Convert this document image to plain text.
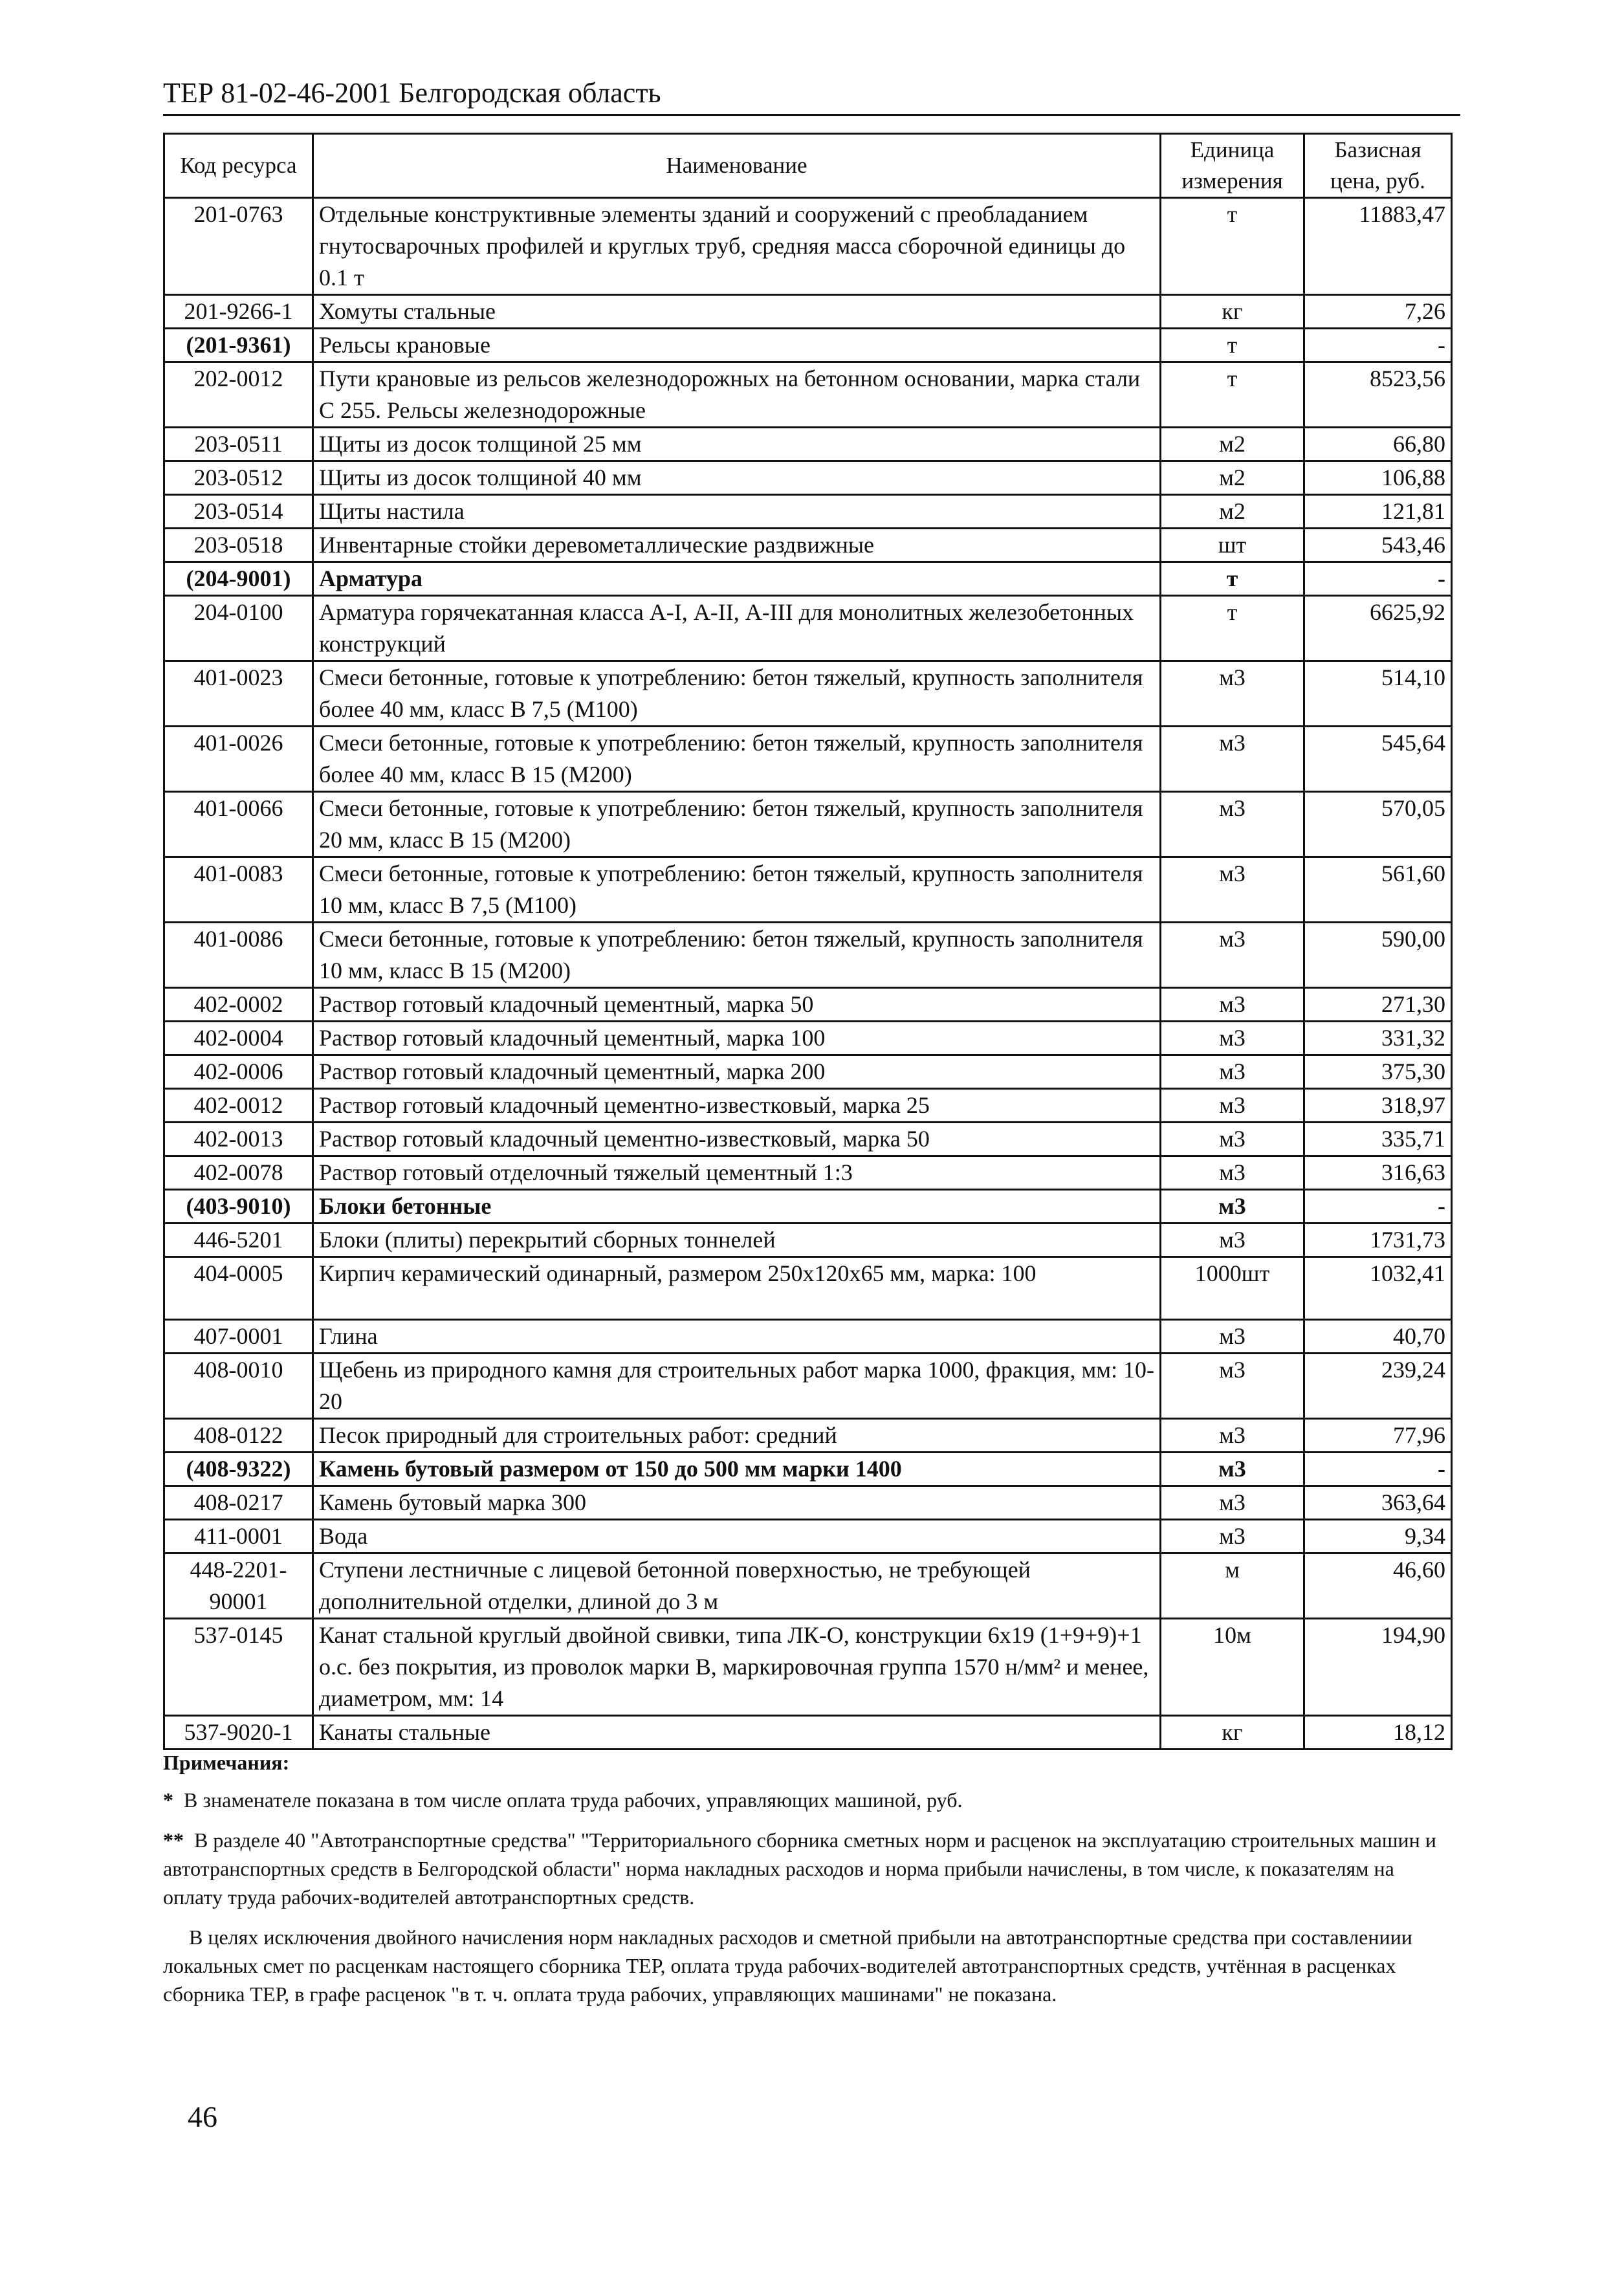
ТЕР 81-02-46-2001 Белгородская область
Код ресурса	Наименование	Единица измерения	Базисная цена, руб.
201-0763	Отдельные конструктивные элементы зданий и сооружений с преобладанием гнутосварочных профилей и круглых труб, средняя масса сборочной единицы до 0.1 т	т	11883,47
201-9266-1	Хомуты стальные	кг	7,26
(201-9361)	Рельсы крановые	т	-
202-0012	Пути крановые из рельсов железнодорожных на бетонном основании, марка стали С 255. Рельсы железнодорожные	т	8523,56
203-0511	Щиты из досок толщиной 25 мм	м2	66,80
203-0512	Щиты из досок толщиной 40 мм	м2	106,88
203-0514	Щиты настила	м2	121,81
203-0518	Инвентарные стойки деревометаллические раздвижные	шт	543,46
(204-9001)	Арматура	т	-
204-0100	Арматура горячекатанная класса А-I, А-II, А-III для монолитных железобетонных конструкций	т	6625,92
401-0023	Смеси бетонные, готовые к употреблению: бетон тяжелый, крупность заполнителя более 40 мм, класс В 7,5 (М100)	м3	514,10
401-0026	Смеси бетонные, готовые к употреблению: бетон тяжелый, крупность заполнителя более 40 мм, класс В 15 (М200)	м3	545,64
401-0066	Смеси бетонные, готовые к употреблению: бетон тяжелый, крупность заполнителя 20 мм, класс В 15 (М200)	м3	570,05
401-0083	Смеси бетонные, готовые к употреблению: бетон тяжелый, крупность заполнителя 10 мм, класс В 7,5 (М100)	м3	561,60
401-0086	Смеси бетонные, готовые к употреблению: бетон тяжелый, крупность заполнителя 10 мм, класс В 15 (М200)	м3	590,00
402-0002	Раствор готовый кладочный цементный, марка 50	м3	271,30
402-0004	Раствор готовый кладочный цементный, марка 100	м3	331,32
402-0006	Раствор готовый кладочный цементный, марка 200	м3	375,30
402-0012	Раствор готовый кладочный цементно-известковый, марка 25	м3	318,97
402-0013	Раствор готовый кладочный цементно-известковый, марка 50	м3	335,71
402-0078	Раствор готовый отделочный тяжелый цементный 1:3	м3	316,63
(403-9010)	Блоки бетонные	м3	-
446-5201	Блоки (плиты) перекрытий сборных тоннелей	м3	1731,73
404-0005	Кирпич керамический одинарный, размером 250х120х65 мм, марка: 100	1000шт	1032,41
407-0001	Глина	м3	40,70
408-0010	Щебень из природного камня для строительных работ марка 1000, фракция, мм: 10-20	м3	239,24
408-0122	Песок природный для строительных работ: средний	м3	77,96
(408-9322)	Камень бутовый размером от 150 до 500 мм марки 1400	м3	-
408-0217	Камень бутовый марка 300	м3	363,64
411-0001	Вода	м3	9,34
448-2201-90001	Ступени лестничные с лицевой бетонной поверхностью, не требующей дополнительной отделки, длиной до 3 м	м	46,60
537-0145	Канат стальной круглый двойной свивки, типа ЛК-О, конструкции 6х19 (1+9+9)+1 о.с. без покрытия, из проволок марки В, маркировочная группа 1570 н/мм² и менее, диаметром, мм: 14	10м	194,90
537-9020-1	Канаты стальные	кг	18,12
Примечания:

* В знаменателе показана в том числе оплата труда рабочих, управляющих машиной, руб.

** В разделе 40 "Автотранспортные средства" "Территориального сборника сметных норм и расценок на эксплуатацию строительных машин и автотранспортных средств в Белгородской области" норма накладных расходов и норма прибыли начислены, в том числе, к показателям на оплату труда рабочих-водителей автотранспортных средств.

В целях исключения двойного начисления норм накладных расходов и сметной прибыли на автотранспортные средства при составлениии локальных смет по расценкам настоящего сборника ТЕР, оплата труда рабочих-водителей автотранспортных средств, учтённая в расценках сборника ТЕР, в графе расценок "в т. ч. оплата труда рабочих, управляющих машинами" не показана.

46
